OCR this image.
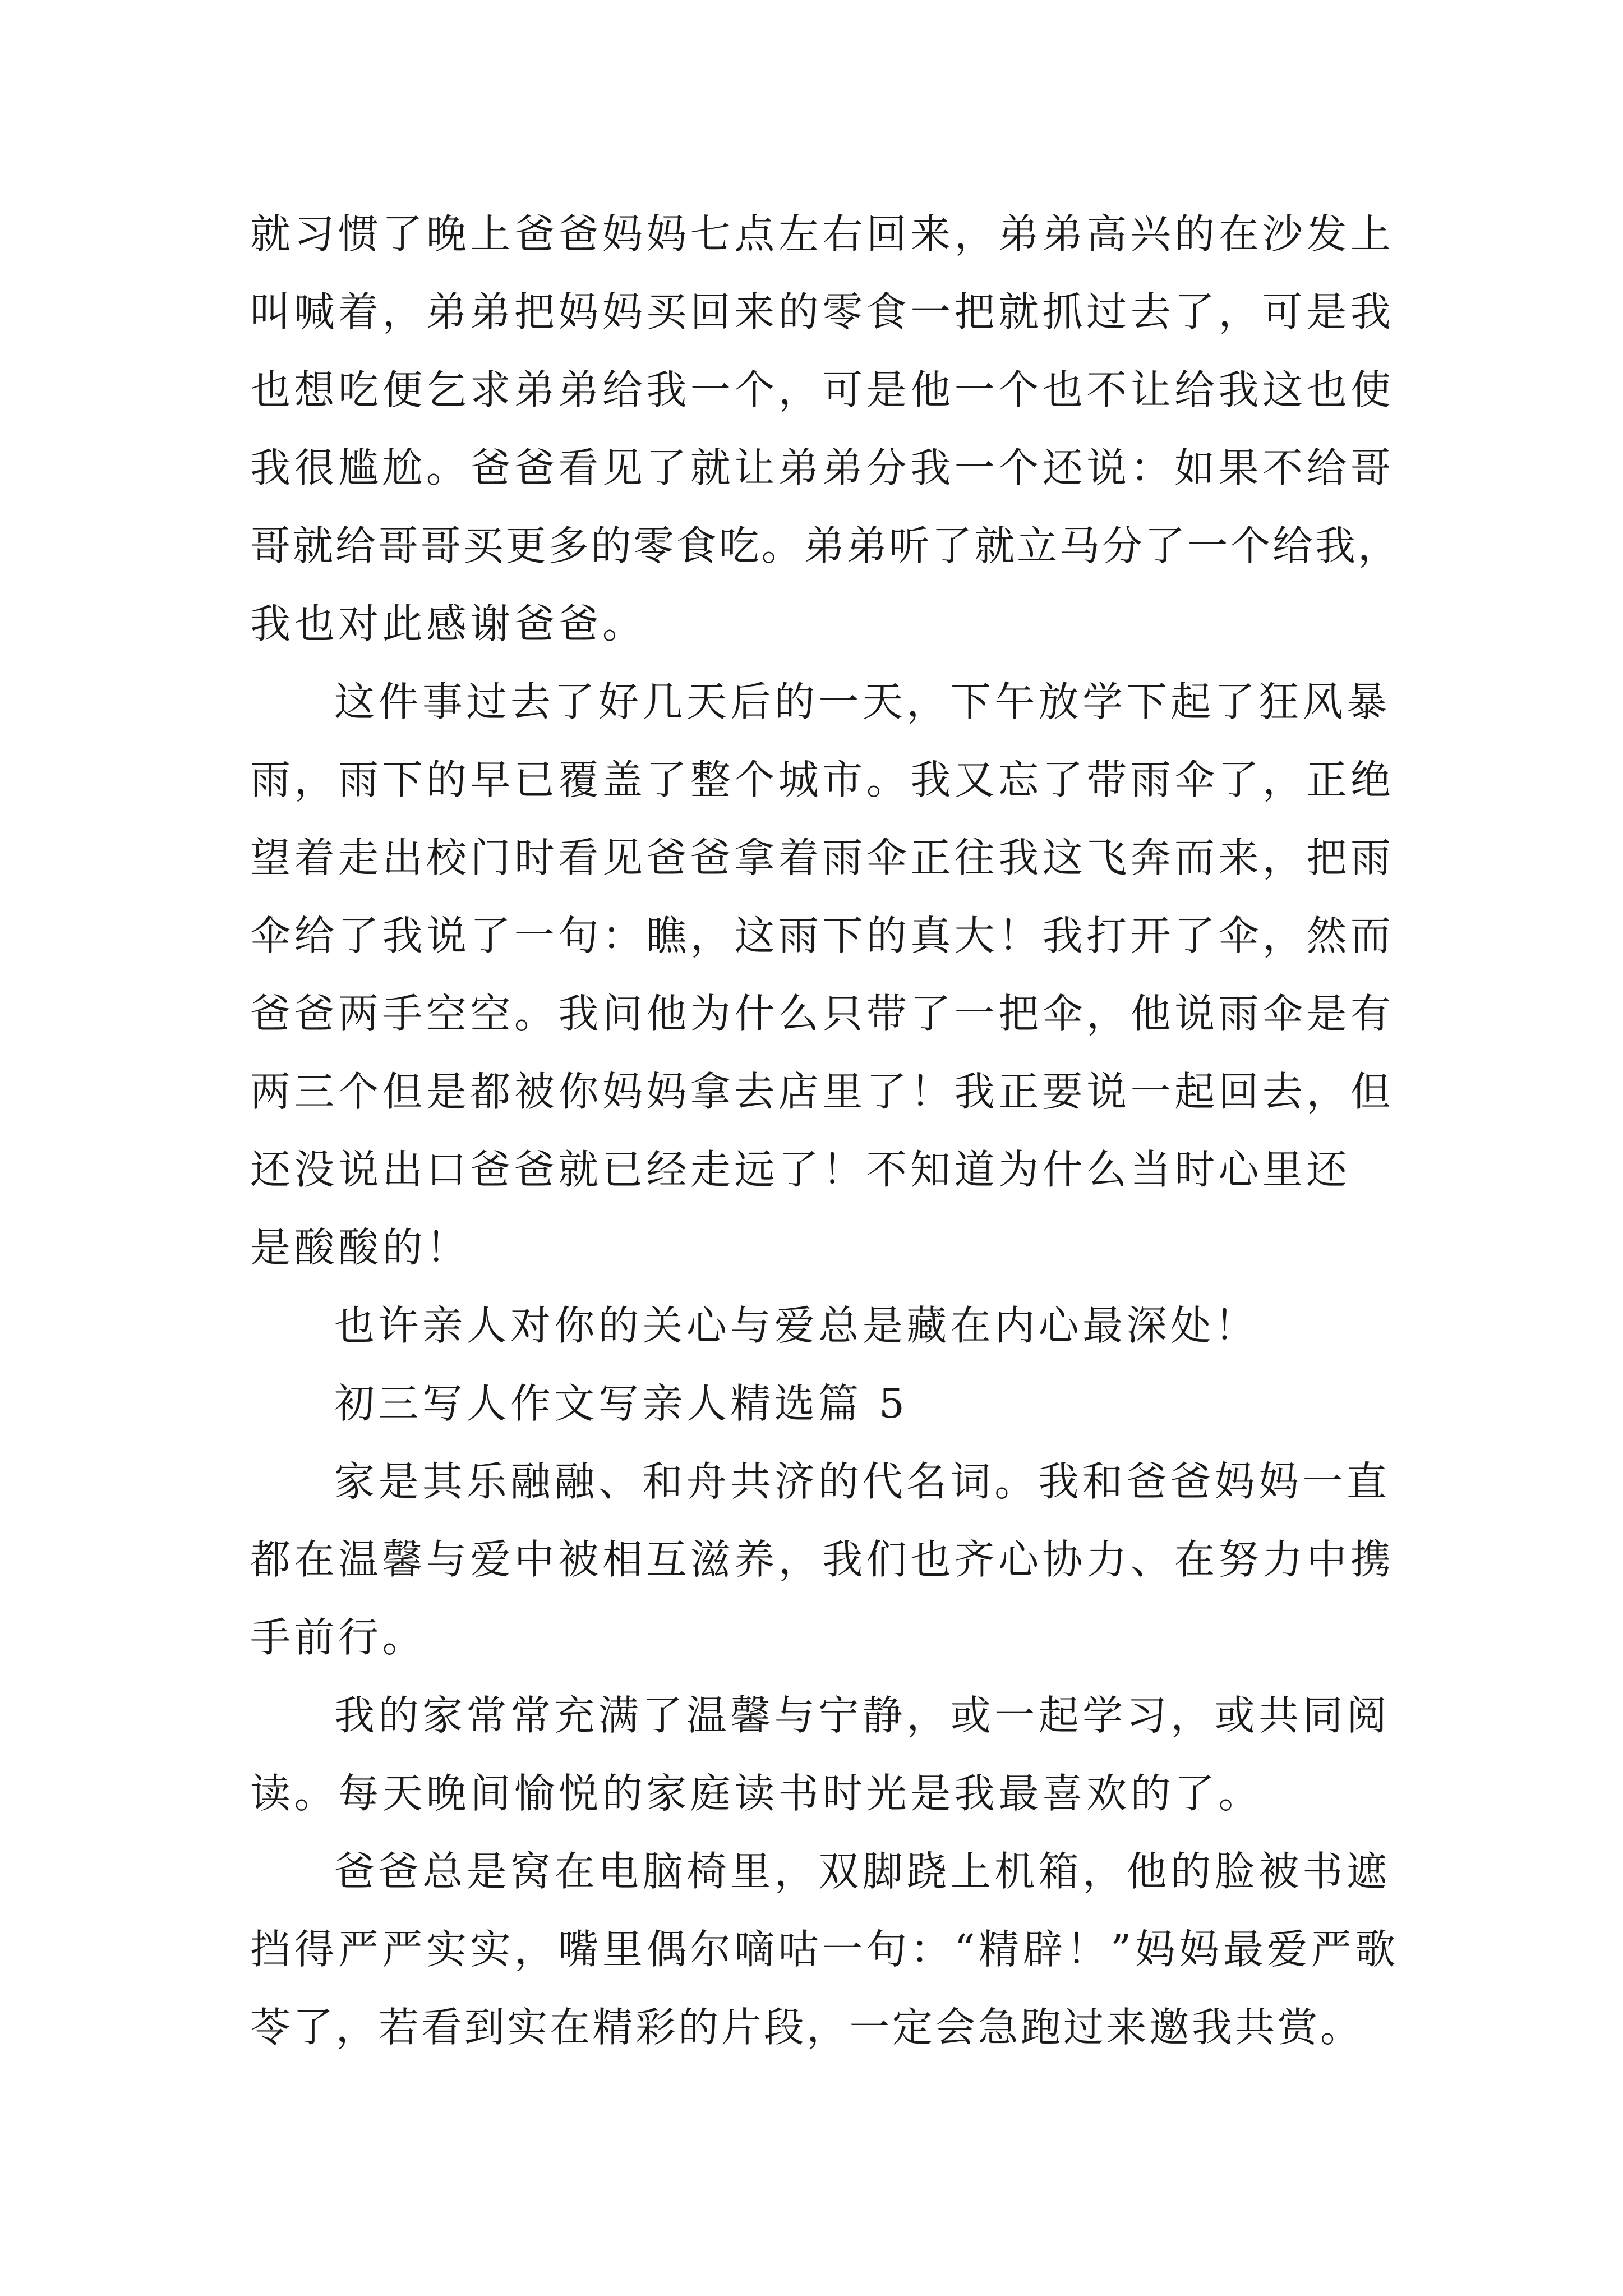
就习惯了晚上爸爸妈妈七点左右回来，弟弟高兴的在沙发上
叫喊着，弟弟把妈妈买回来的零食一把就抓过去了，可是我
也想吃便乞求弟弟给我一个，可是他一个也不让给我这也使
我很尴尬。爸爸看见了就让弟弟分我一个还说：如果不给哥
哥就给哥哥买更多的零食吃。弟弟听了就立马分了一个给我，
我也对此感谢爸爸。
这件事过去了好几天后的一天，下午放学下起了狂风暴
雨，雨下的早已覆盖了整个城市。我又忘了带雨伞了，正绝
望着走出校门时看见爸爸拿着雨伞正往我这飞奔而来，把雨
伞给了我说了一句：瞧，这雨下的真大！我打开了伞，然而
爸爸两手空空。我问他为什么只带了一把伞，他说雨伞是有
两三个但是都被你妈妈拿去店里了！我正要说一起回去，但
还没说出口爸爸就已经走远了！不知道为什么当时心里还
是酸酸的！
也许亲人对你的关心与爱总是藏在内心最深处！
初三写人作文写亲人精选篇 5
家是其乐融融、和舟共济的代名词。我和爸爸妈妈一直
都在温馨与爱中被相互滋养，我们也齐心协力、在努力中携
手前行。
我的家常常充满了温馨与宁静，或一起学习，或共同阅
读。每天晚间愉悦的家庭读书时光是我最喜欢的了。
爸爸总是窝在电脑椅里，双脚跷上机箱，他的脸被书遮
挡得严严实实，嘴里偶尔嘀咕一句：“精辟！”妈妈最爱严歌
苓了，若看到实在精彩的片段，一定会急跑过来邀我共赏。
